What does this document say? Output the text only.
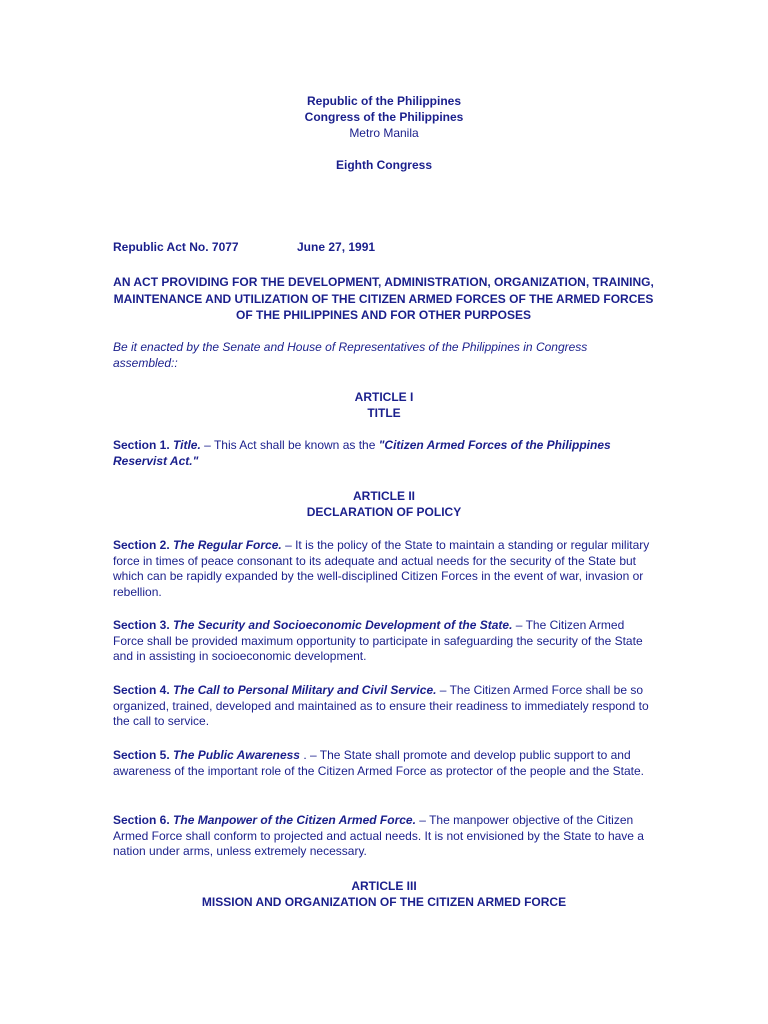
Republic of the Philippines
Congress of the Philippines
Metro Manila
Eighth Congress
Republic Act No. 7077	June 27, 1991
AN ACT PROVIDING FOR THE DEVELOPMENT, ADMINISTRATION, ORGANIZATION, TRAINING, MAINTENANCE AND UTILIZATION OF THE CITIZEN ARMED FORCES OF THE ARMED FORCES OF THE PHILIPPINES AND FOR OTHER PURPOSES
Be it enacted by the Senate and House of Representatives of the Philippines in Congress assembled::
ARTICLE I
TITLE
Section 1. Title. – This Act shall be known as the "Citizen Armed Forces of the Philippines Reservist Act."
ARTICLE II
DECLARATION OF POLICY
Section 2. The Regular Force. – It is the policy of the State to maintain a standing or regular military force in times of peace consonant to its adequate and actual needs for the security of the State but which can be rapidly expanded by the well-disciplined Citizen Forces in the event of war, invasion or rebellion.
Section 3. The Security and Socioeconomic Development of the State. – The Citizen Armed Force shall be provided maximum opportunity to participate in safeguarding the security of the State and in assisting in socioeconomic development.
Section 4. The Call to Personal Military and Civil Service. – The Citizen Armed Force shall be so organized, trained, developed and maintained as to ensure their readiness to immediately respond to the call to service.
Section 5. The Public Awareness . – The State shall promote and develop public support to and awareness of the important role of the Citizen Armed Force as protector of the people and the State.
Section 6. The Manpower of the Citizen Armed Force. – The manpower objective of the Citizen Armed Force shall conform to projected and actual needs. It is not envisioned by the State to have a nation under arms, unless extremely necessary.
ARTICLE III
MISSION AND ORGANIZATION OF THE CITIZEN ARMED FORCE
